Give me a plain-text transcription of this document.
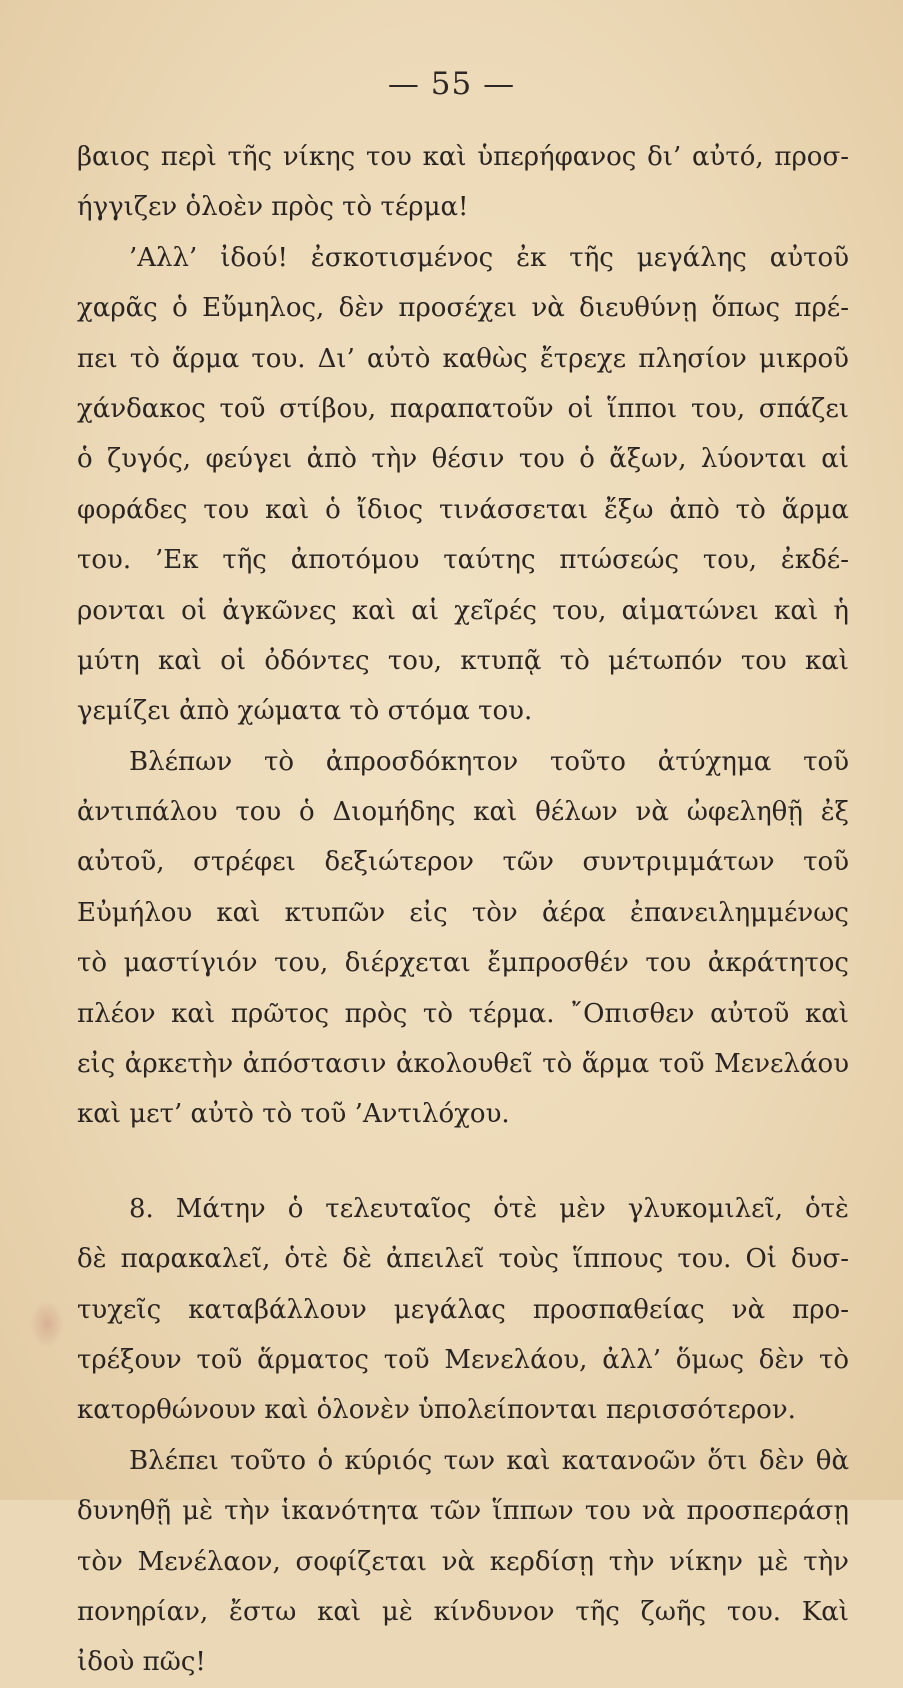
— 55 —
βαιος περὶ τῆς νίκης του καὶ ὑπερήφανος δι’ αὐτό, προσ-
ήγγιζεν ὁλοὲν πρὸς τὸ τέρμα!
’Αλλ’ ἰδού! ἐσκοτισμένος ἐκ τῆς μεγάλης αὐτοῦ
χαρᾶς ὁ Εὔμηλος, δὲν προσέχει νὰ διευθύνῃ ὅπως πρέ-
πει τὸ ἅρμα του. Δι’ αὐτὸ καθὼς ἔτρεχε πλησίον μικροῦ
χάνδακος τοῦ στίβου, παραπατοῦν οἱ ἵπποι του, σπάζει
ὁ ζυγός, φεύγει ἀπὸ τὴν θέσιν του ὁ ἄξων, λύονται αἱ
φοράδες του καὶ ὁ ἴδιος τινάσσεται ἔξω ἀπὸ τὸ ἅρμα
του. ’Εκ τῆς ἀποτόμου ταύτης πτώσεώς του, ἐκδέ-
ρονται οἱ ἀγκῶνες καὶ αἱ χεῖρές του, αἱματώνει καὶ ἡ
μύτη καὶ οἱ ὀδόντες του, κτυπᾷ τὸ μέτωπόν του καὶ
γεμίζει ἀπὸ χώματα τὸ στόμα του.
Βλέπων τὸ ἀπροσδόκητον τοῦτο ἀτύχημα τοῦ
ἀντιπάλου του ὁ Διομήδης καὶ θέλων νὰ ὠφεληθῇ ἐξ
αὐτοῦ, στρέφει δεξιώτερον τῶν συντριμμάτων τοῦ
Εὐμήλου καὶ κτυπῶν εἰς τὸν ἀέρα ἐπανειλημμένως
τὸ μαστίγιόν του, διέρχεται ἔμπροσθέν του ἀκράτητος
πλέον καὶ πρῶτος πρὸς τὸ τέρμα. ῎Οπισθεν αὐτοῦ καὶ
εἰς ἀρκετὴν ἀπόστασιν ἀκολουθεῖ τὸ ἅρμα τοῦ Μενελάου
καὶ μετ’ αὐτὸ τὸ τοῦ ’Αντιλόχου.
8. Μάτην ὁ τελευταῖος ὁτὲ μὲν γλυκομιλεῖ, ὁτὲ
δὲ παρακαλεῖ, ὁτὲ δὲ ἀπειλεῖ τοὺς ἵππους του. Οἱ δυσ-
τυχεῖς καταβάλλουν μεγάλας προσπαθείας νὰ προ-
τρέξουν τοῦ ἅρματος τοῦ Μενελάου, ἀλλ’ ὅμως δὲν τὸ
κατορθώνουν καὶ ὁλονὲν ὑπολείπονται περισσότερον.
Βλέπει τοῦτο ὁ κύριός των καὶ κατανοῶν ὅτι δὲν θὰ
δυνηθῇ μὲ τὴν ἱκανότητα τῶν ἵππων του νὰ προσπεράσῃ
τὸν Μενέλαον, σοφίζεται νὰ κερδίσῃ τὴν νίκην μὲ τὴν
πονηρίαν, ἔστω καὶ μὲ κίνδυνον τῆς ζωῆς του. Καὶ
ἰδοὺ πῶς!
